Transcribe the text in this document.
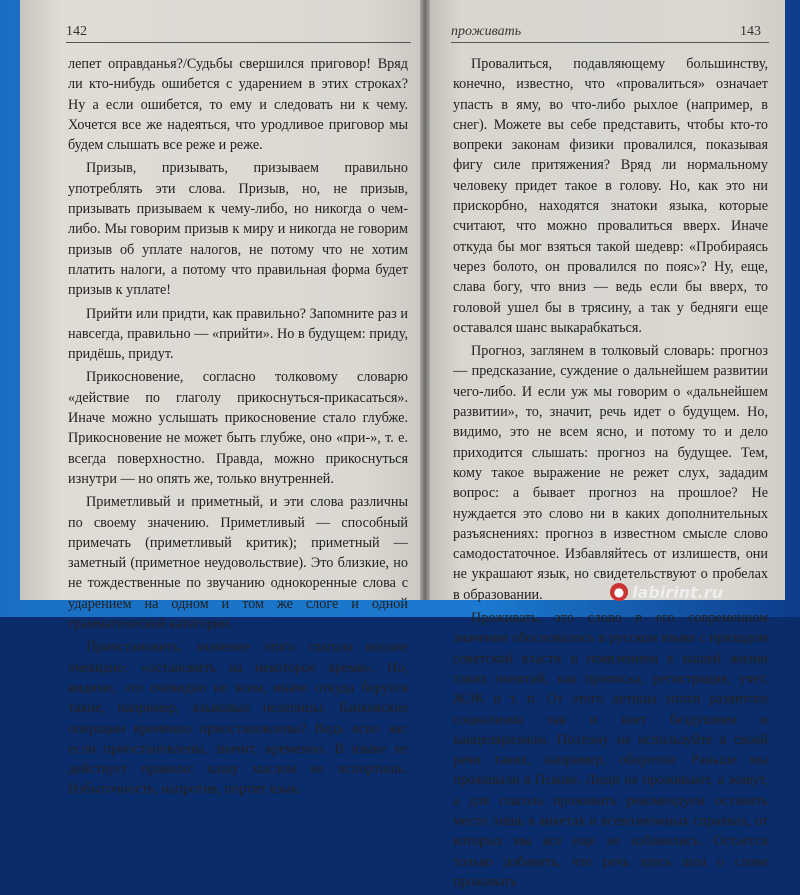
142

лепет оправданья?/Судьбы свершился приговор! Вряд ли кто-нибудь ошибется с ударением в этих строках? Ну а если ошибется, то ему и следовать ни к чему. Хочется все же надеяться, что уродливое приговор мы будем слышать все реже и реже.

Призыв, призывать, призываем правильно употреблять эти слова. Призыв, но, не призыв, призывать призываем к чему-либо, но никогда о чем-либо. Мы говорим призыв к миру и никогда не говорим призыв об уплате налогов, не потому что не хотим платить налоги, а потому что правильная форма будет призыв к уплате!

Прийти или придти, как правильно? Запомните раз и навсегда, правильно — «прийти». Но в будущем: приду, придёшь, придут.

Прикосновение, согласно толковому словарю «действие по глаголу прикоснуться-прикасаться». Иначе можно услышать прикосновение стало глубже. Прикосновение не может быть глубже, оно «при-», т. е. всегда поверхностно. Правда, можно прикоснуться изнутри — но опять же, только внутренней.

Приметливый и приметный, и эти слова различны по своему значению. Приметливый — способный примечать (приметливый критик); приметный — заметный (приметное неудовольствие). Это близкие, но не тождественные по звучанию однокоренные слова с ударением на одном и том же слоге и одной грамматической категории.

Приостановить, значение этого глагола вполне очевидно: «остановить на некоторое время». Но, видимо, это очевидно не всем, иначе откуда берутся такие, например, языковые нелепицы: Банковские операции временно приостановлены? Ведь ясно же: если приостановлены, значит, временно. В языке не действует правило: кашу маслом не испортишь. Избыточность, напротив, портит язык.

проживать	143

Провалиться, подавляющему большинству, конечно, известно, что «провалиться» означает упасть в яму, во что-либо рыхлое (например, в снег). Можете вы себе представить, чтобы кто-то вопреки законам физики провалился, показывая фигу силе притяжения? Вряд ли нормальному человеку придет такое в голову. Но, как это ни прискорбно, находятся знатоки языка, которые считают, что можно провалиться вверх. Иначе откуда бы мог взяться такой шедевр: «Пробираясь через болото, он провалился по пояс»? Ну, еще, слава богу, что вниз — ведь если бы вверх, то головой ушел бы в трясину, а так у бедняги еще оставался шанс выкарабкаться.

Прогноз, заглянем в толковый словарь: прогноз — предсказание, суждение о дальнейшем развитии чего-либо. И если уж мы говорим о «дальнейшем развитии», то, значит, речь идет о будущем. Но, видимо, это не всем ясно, и потому то и дело приходится слышать: прогноз на будущее. Тем, кому такое выражение не режет слух, зададим вопрос: а бывает прогноз на прошлое? Не нуждается это слово ни в каких дополнительных разъяснениях: прогноз в известном смысле слово самодостаточное. Избавляйтесь от излишеств, они не украшают язык, но свидетельствуют о пробелах в образовании.

Проживать, это слово в его современном значении обосновалось в русском языке с приходом советской власти и появлением в нашей жизни таких понятий, как прописка, регистрация, учет, ЖЭК и т. п. От этого детища эпохи развитого социализма так и веет бездушием и канцеляризмом. Поэтому не используйте в своей речи таких, например, оборотов: Раньше мы проживали в Пскове. Люди не проживают, а живут, а для глагола проживать рекомендуем оставить место лишь в анкетах и всевозможных справках, от которых мы все еще не избавились. Остается только добавить, что речь здесь шла о слове проживать

● labirint.ru
